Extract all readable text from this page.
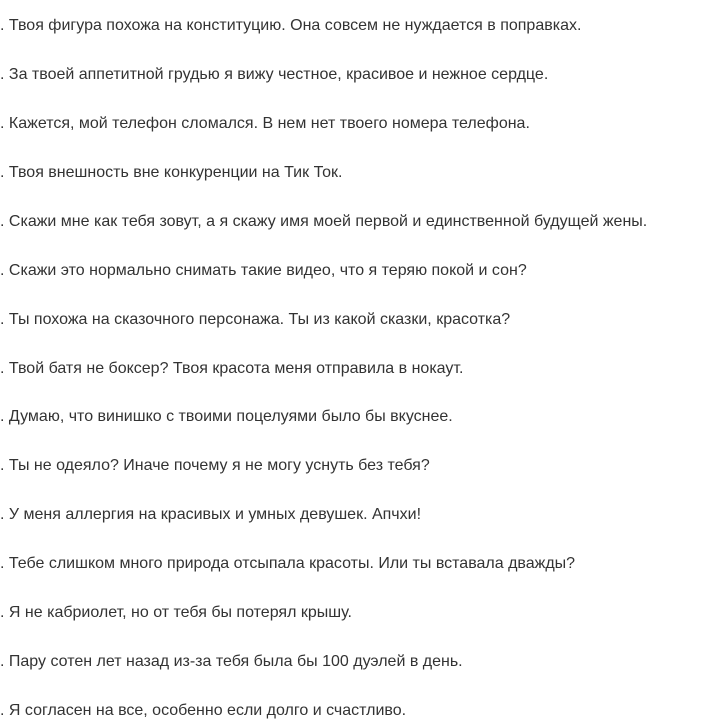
. Твоя фигура похожа на конституцию. Она совсем не нуждается в поправках.
. За твоей аппетитной грудью я вижу честное, красивое и нежное сердце.
. Кажется, мой телефон сломался. В нем нет твоего номера телефона.
. Твоя внешность вне конкуренции на Тик Ток.
. Скажи мне как тебя зовут, а я скажу имя моей первой и единственной будущей жены.
. Скажи это нормально снимать такие видео, что я теряю покой и сон?
. Ты похожа на сказочного персонажа. Ты из какой сказки, красотка?
. Твой батя не боксер? Твоя красота меня отправила в нокаут.
. Думаю, что винишко с твоими поцелуями было бы вкуснее.
. Ты не одеяло? Иначе почему я не могу уснуть без тебя?
. У меня аллергия на красивых и умных девушек. Апчхи!
. Тебе слишком много природа отсыпала красоты. Или ты вставала дважды?
. Я не кабриолет, но от тебя бы потерял крышу.
. Пару сотен лет назад из-за тебя была бы 100 дуэлей в день.
. Я согласен на все, особенно если долго и счастливо.
